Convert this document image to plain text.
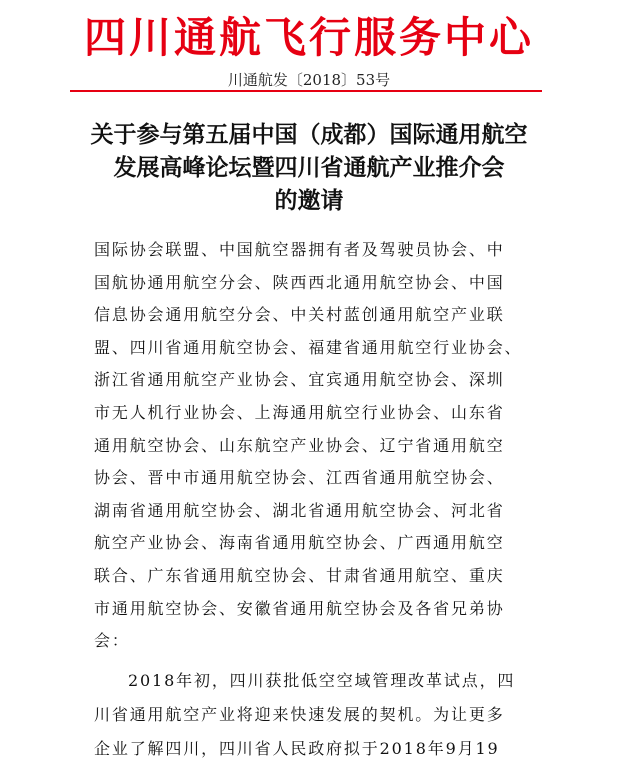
四川通航飞行服务中心
川通航发〔2018〕53号
关于参与第五届中国（成都）国际通用航空
发展高峰论坛暨四川省通航产业推介会
的邀请
国际协会联盟、中国航空器拥有者及驾驶员协会、中
国航协通用航空分会、陕西西北通用航空协会、中国
信息协会通用航空分会、中关村蓝创通用航空产业联
盟、四川省通用航空协会、福建省通用航空行业协会、
浙江省通用航空产业协会、宜宾通用航空协会、深圳
市无人机行业协会、上海通用航空行业协会、山东省
通用航空协会、山东航空产业协会、辽宁省通用航空
协会、晋中市通用航空协会、江西省通用航空协会、
湖南省通用航空协会、湖北省通用航空协会、河北省
航空产业协会、海南省通用航空协会、广西通用航空
联合、广东省通用航空协会、甘肃省通用航空、重庆
市通用航空协会、安徽省通用航空协会及各省兄弟协
会：
2018年初，四川获批低空空域管理改革试点，四
川省通用航空产业将迎来快速发展的契机。为让更多
企业了解四川，四川省人民政府拟于2018年9月19
